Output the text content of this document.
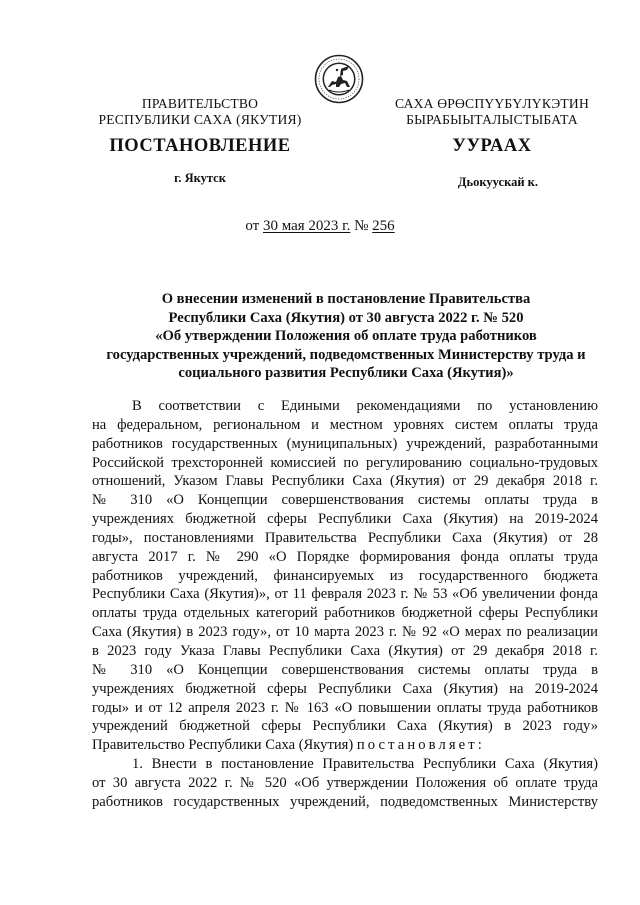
ПРАВИТЕЛЬСТВО
РЕСПУБЛИКИ САХА (ЯКУТИЯ)
САХА ӨРӨСПҮҮБҮЛҮКЭТИН
БЫРАБЫЫТАЛЫСТЫБАТА
ПОСТАНОВЛЕНИЕ	УУРААХ
г. Якутск	Дьокуускай к.
от 30 мая 2023 г. № 256
О внесении изменений в постановление Правительства
Республики Саха (Якутия) от 30 августа 2022 г. № 520
«Об утверждении Положения об оплате труда работников
государственных учреждений, подведомственных Министерству труда и
социального развития Республики Саха (Якутия)»
В соответствии с Едиными рекомендациями по установлению
на федеральном, региональном и местном уровнях систем оплаты труда
работников государственных (муниципальных) учреждений, разработанными
Российской трехсторонней комиссией по регулированию социально-трудовых
отношений, Указом Главы Республики Саха (Якутия) от 29 декабря 2018 г.
№ 310 «О Концепции совершенствования системы оплаты труда в
учреждениях бюджетной сферы Республики Саха (Якутия) на 2019-2024
годы», постановлениями Правительства Республики Саха (Якутия) от 28
августа 2017 г. № 290 «О Порядке формирования фонда оплаты труда
работников учреждений, финансируемых из государственного бюджета
Республики Саха (Якутия)», от 11 февраля 2023 г. № 53 «Об увеличении фонда
оплаты труда отдельных категорий работников бюджетной сферы Республики
Саха (Якутия) в 2023 году», от 10 марта 2023 г. № 92 «О мерах по реализации
в 2023 году Указа Главы Республики Саха (Якутия) от 29 декабря 2018 г.
№ 310 «О Концепции совершенствования системы оплаты труда в
учреждениях бюджетной сферы Республики Саха (Якутия) на 2019-2024
годы» и от 12 апреля 2023 г. № 163 «О повышении оплаты труда работников
учреждений бюджетной сферы Республики Саха (Якутия) в 2023 году»
Правительство Республики Саха (Якутия) постановляет:
1. Внести в постановление Правительства Республики Саха (Якутия)
от 30 августа 2022 г. № 520 «Об утверждении Положения об оплате труда
работников государственных учреждений, подведомственных Министерству
